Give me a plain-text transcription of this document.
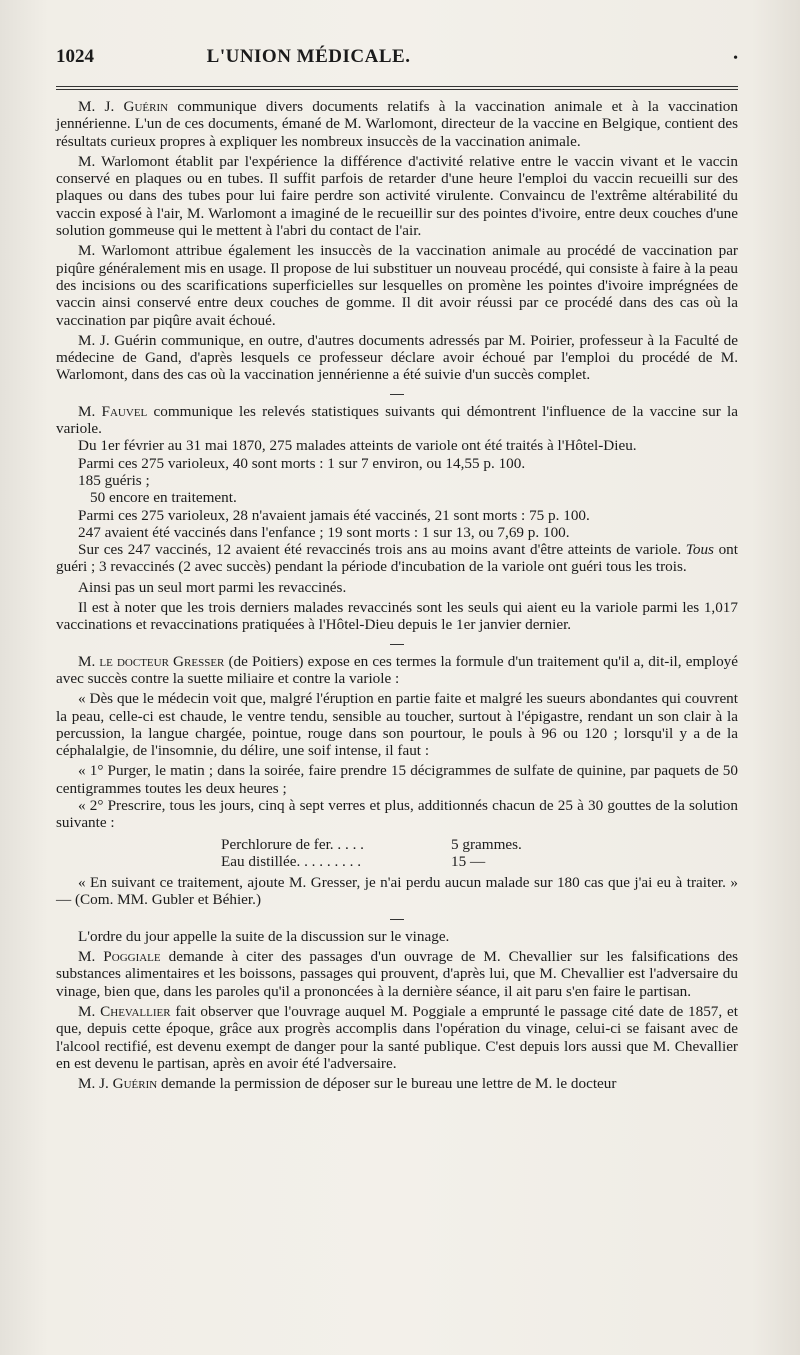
1024	L'UNION MÉDICALE.	•

M. J. Guérin communique divers documents relatifs à la vaccination animale et à la vaccination jennérienne. L'un de ces documents, émané de M. Warlomont, directeur de la vaccine en Belgique, contient des résultats curieux propres à expliquer les nombreux insuccès de la vaccination animale.

M. Warlomont établit par l'expérience la différence d'activité relative entre le vaccin vivant et le vaccin conservé en plaques ou en tubes. Il suffit parfois de retarder d'une heure l'emploi du vaccin recueilli sur des plaques ou dans des tubes pour lui faire perdre son activité virulente. Convaincu de l'extrême altérabilité du vaccin exposé à l'air, M. Warlomont a imaginé de le recueillir sur des pointes d'ivoire, entre deux couches d'une solution gommeuse qui le mettent à l'abri du contact de l'air.

M. Warlomont attribue également les insuccès de la vaccination animale au procédé de vaccination par piqûre généralement mis en usage. Il propose de lui substituer un nouveau procédé, qui consiste à faire à la peau des incisions ou des scarifications superficielles sur lesquelles on promène les pointes d'ivoire imprégnées de vaccin ainsi conservé entre deux couches de gomme. Il dit avoir réussi par ce procédé dans des cas où la vaccination par piqûre avait échoué.

M. J. Guérin communique, en outre, d'autres documents adressés par M. Poirier, professeur à la Faculté de médecine de Gand, d'après lesquels ce professeur déclare avoir échoué par l'emploi du procédé de M. Warlomont, dans des cas où la vaccination jennérienne a été suivie d'un succès complet.

M. Fauvel communique les relevés statistiques suivants qui démontrent l'influence de la vaccine sur la variole.

Du 1er février au 31 mai 1870, 275 malades atteints de variole ont été traités à l'Hôtel-Dieu.

Parmi ces 275 varioleux, 40 sont morts : 1 sur 7 environ, ou 14,55 p. 100.

185 guéris ;

50 encore en traitement.

Parmi ces 275 varioleux, 28 n'avaient jamais été vaccinés, 21 sont morts : 75 p. 100.

247 avaient été vaccinés dans l'enfance ; 19 sont morts : 1 sur 13, ou 7,69 p. 100.

Sur ces 247 vaccinés, 12 avaient été revaccinés trois ans au moins avant d'être atteints de variole. Tous ont guéri ; 3 revaccinés (2 avec succès) pendant la période d'incubation de la variole ont guéri tous les trois.

Ainsi pas un seul mort parmi les revaccinés.

Il est à noter que les trois derniers malades revaccinés sont les seuls qui aient eu la variole parmi les 1,017 vaccinations et revaccinations pratiquées à l'Hôtel-Dieu depuis le 1er janvier dernier.

M. le docteur Gresser (de Poitiers) expose en ces termes la formule d'un traitement qu'il a, dit-il, employé avec succès contre la suette miliaire et contre la variole :

« Dès que le médecin voit que, malgré l'éruption en partie faite et malgré les sueurs abondantes qui couvrent la peau, celle-ci est chaude, le ventre tendu, sensible au toucher, surtout à l'épigastre, rendant un son clair à la percussion, la langue chargée, pointue, rouge dans son pourtour, le pouls à 96 ou 120 ; lorsqu'il y a de la céphalalgie, de l'insomnie, du délire, une soif intense, il faut :

« 1° Purger, le matin ; dans la soirée, faire prendre 15 décigrammes de sulfate de quinine, par paquets de 50 centigrammes toutes les deux heures ;

« 2° Prescrire, tous les jours, cinq à sept verres et plus, additionnés chacun de 25 à 30 gouttes de la solution suivante :

Perchlorure de fer. . . . .	5 grammes.
Eau distillée. . . . . . . . .	15 —

« En suivant ce traitement, ajoute M. Gresser, je n'ai perdu aucun malade sur 180 cas que j'ai eu à traiter. » — (Com. MM. Gubler et Béhier.)

L'ordre du jour appelle la suite de la discussion sur le vinage.

M. Poggiale demande à citer des passages d'un ouvrage de M. Chevallier sur les falsifications des substances alimentaires et les boissons, passages qui prouvent, d'après lui, que M. Chevallier est l'adversaire du vinage, bien que, dans les paroles qu'il a prononcées à la dernière séance, il ait paru s'en faire le partisan.

M. Chevallier fait observer que l'ouvrage auquel M. Poggiale a emprunté le passage cité date de 1857, et que, depuis cette époque, grâce aux progrès accomplis dans l'opération du vinage, celui-ci se faisant avec de l'alcool rectifié, est devenu exempt de danger pour la santé publique. C'est depuis lors aussi que M. Chevallier en est devenu le partisan, après en avoir été l'adversaire.

M. J. Guérin demande la permission de déposer sur le bureau une lettre de M. le docteur
